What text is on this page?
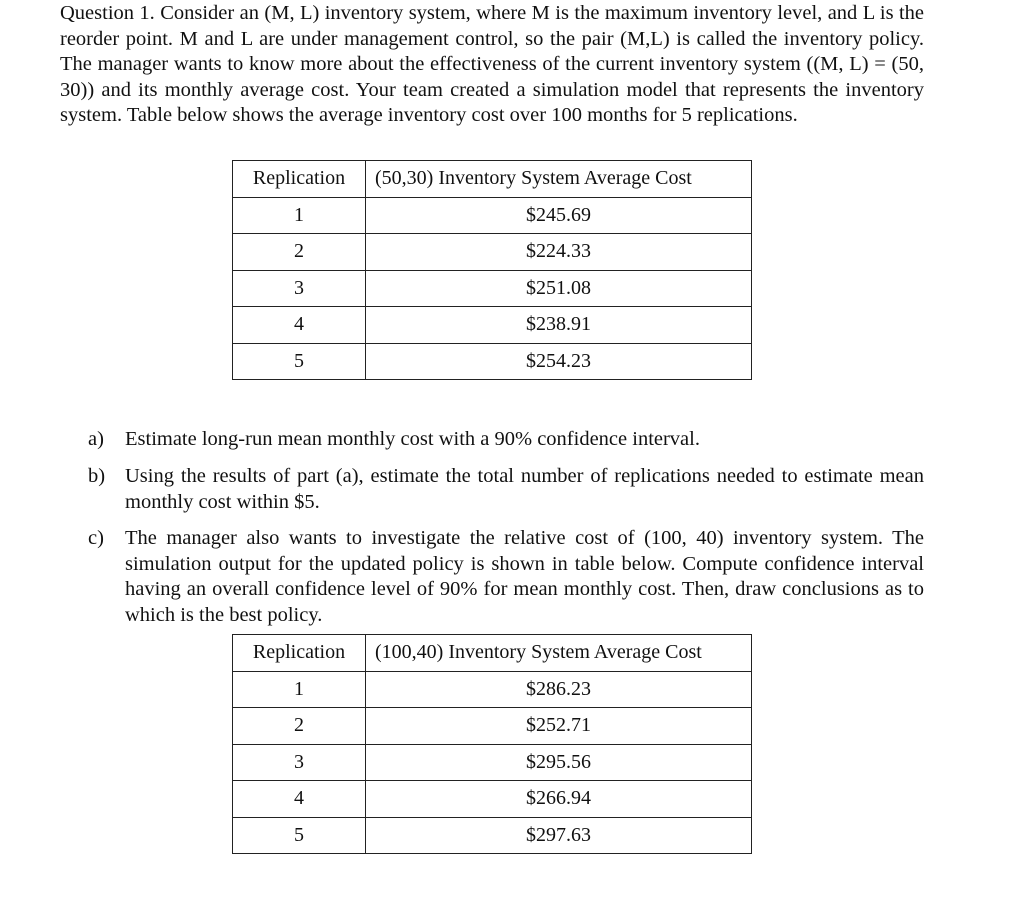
Question 1. Consider an (M, L) inventory system, where M is the maximum inventory level, and L is the reorder point. M and L are under management control, so the pair (M,L) is called the inventory policy. The manager wants to know more about the effectiveness of the current inventory system ((M, L) = (50, 30)) and its monthly average cost. Your team created a simulation model that represents the inventory system. Table below shows the average inventory cost over 100 months for 5 replications.

Replication	(50,30) Inventory System Average Cost
1	$245.69
2	$224.33
3	$251.08
4	$238.91
5	$254.23
a)	Estimate long-run mean monthly cost with a 90% confidence interval.
b) Using the results of part (a), estimate the total number of replications needed to estimate mean monthly cost within $5.
c)	The manager also wants to investigate the relative cost of (100, 40) inventory system. The simulation output for the updated policy is shown in table below. Compute confidence interval having an overall confidence level of 90% for mean monthly cost. Then, draw conclusions as to which is the best policy.
Replication	(100,40) Inventory System Average Cost
1	$286.23
2	$252.71
3	$295.56
4	$266.94
5	$297.63
